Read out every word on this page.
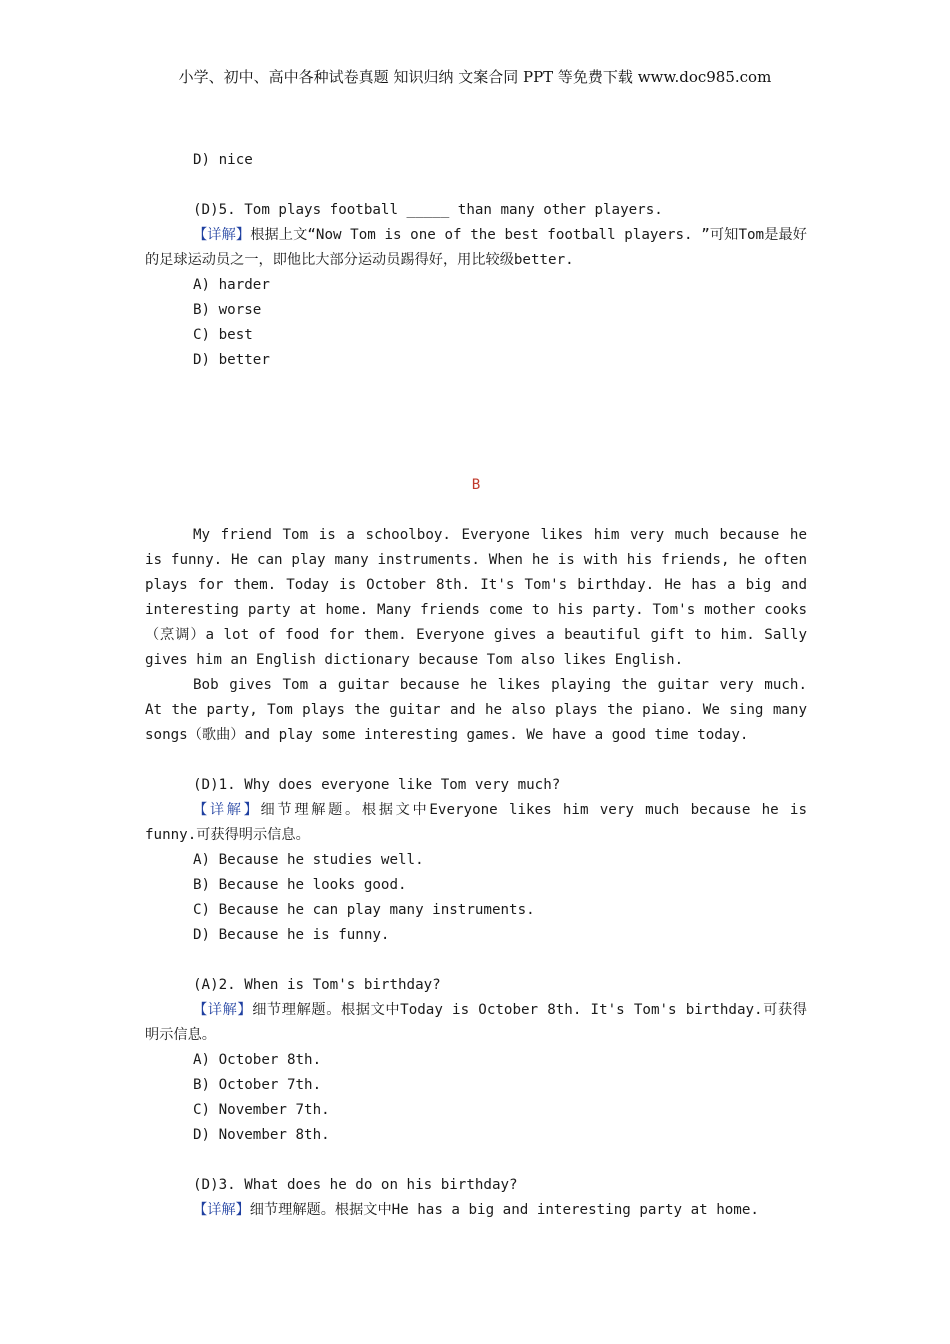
小学、初中、高中各种试卷真题 知识归纳 文案合同 PPT 等免费下载 www.doc985.com
D) nice
(D)5. Tom plays football _____ than many other players.
【详解】根据上文“Now Tom is one of the best football players. ”可知Tom是最好的足球运动员之一，即他比大部分运动员踢得好，用比较级better.
A) harder
B) worse
C) best
D) better
B
My friend Tom is a schoolboy. Everyone likes him very much because he is funny. He can play many instruments. When he is with his friends, he often plays for them. Today is October 8th. It's Tom's birthday. He has a big and interesting party at home. Many friends come to his party. Tom's mother cooks（烹调）a lot of food for them. Everyone gives a beautiful gift to him. Sally gives him an English dictionary because Tom also likes English.
Bob gives Tom a guitar because he likes playing the guitar very much. At the party, Tom plays the guitar and he also plays the piano. We sing many songs（歌曲）and play some interesting games. We have a good time today.
(D)1. Why does everyone like Tom very much?
【详解】细节理解题。根据文中Everyone likes him very much because he is funny.可获得明示信息。
A) Because he studies well.
B) Because he looks good.
C) Because he can play many instruments.
D) Because he is funny.
(A)2. When is Tom's birthday?
【详解】细节理解题。根据文中Today is October 8th. It's Tom's birthday.可获得明示信息。
A) October 8th.
B) October 7th.
C) November 7th.
D) November 8th.
(D)3. What does he do on his birthday?
【详解】细节理解题。根据文中He has a big and interesting party at home.
